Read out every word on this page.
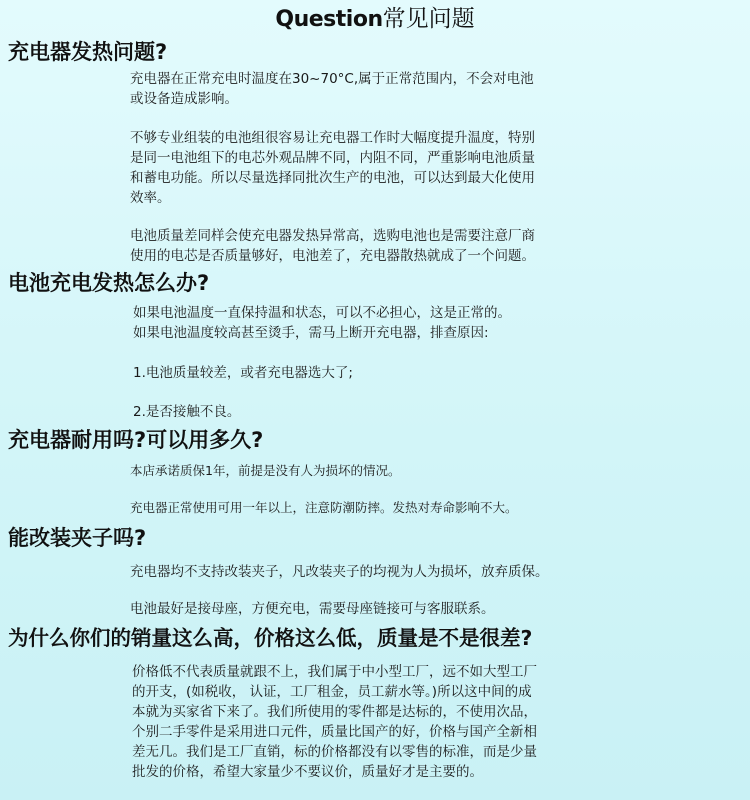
Question常见问题
充电器发热问题?

充电器在正常充电时温度在30~70°C,属于正常范围内，不会对电池

或设备造成影响。

不够专业组装的电池组很容易让充电器工作时大幅度提升温度，特别

是同一电池组下的电芯外观品牌不同，内阻不同，严重影响电池质量

和蓄电功能。所以尽量选择同批次生产的电池，可以达到最大化使用

效率。

电池质量差同样会使充电器发热异常高，选购电池也是需要注意厂商

使用的电芯是否质量够好，电池差了，充电器散热就成了一个问题。

电池充电发热怎么办?

如果电池温度一直保持温和状态，可以不必担心，这是正常的。

如果电池温度较高甚至烫手，需马上断开充电器，排查原因:

1.电池质量较差，或者充电器选大了;

2.是否接触不良。

充电器耐用吗?可以用多久?

本店承诺质保1年，前提是没有人为损坏的情况。

充电器正常使用可用一年以上，注意防潮防摔。发热对寿命影响不大。

能改装夹子吗?

充电器均不支持改装夹子，凡改装夹子的均视为人为损坏，放弃质保。

电池最好是接母座，方便充电，需要母座链接可与客服联系。

为什么你们的销量这么高，价格这么低，质量是不是很差?

价格低不代表质量就跟不上，我们属于中小型工厂，远不如大型工厂

的开支，(如税收， 认证，工厂租金，员工薪水等。)所以这中间的成

本就为买家省下来了。我们所使用的零件都是达标的，不使用次品，

个别二手零件是采用进口元件，质量比国产的好，价格与国产全新相

差无几。我们是工厂直销，标的价格都没有以零售的标准，而是少量

批发的价格，希望大家量少不要议价，质量好才是主要的。
